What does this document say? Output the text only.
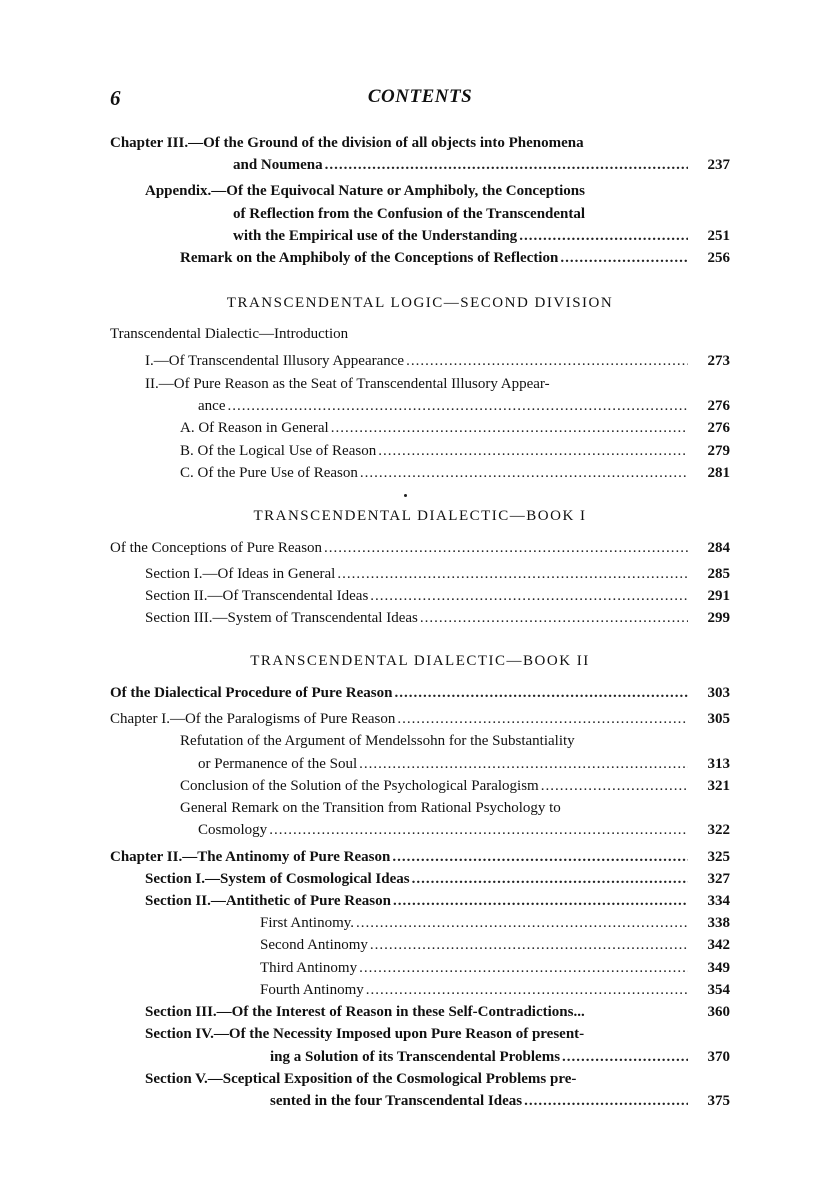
6	CONTENTS
Chapter III.—Of the Ground of the division of all objects into Phenomena
and Noumena .....	237
Appendix.—Of the Equivocal Nature or Amphiboly, the Conceptions
of Reflection from the Confusion of the Transcendental
with the Empirical use of the Understanding .....	251
Remark on the Amphiboly of the Conceptions of Reflection .....	256
TRANSCENDENTAL LOGIC—SECOND DIVISION
Transcendental Dialectic—Introduction
I.—Of Transcendental Illusory Appearance .....	273
II.—Of Pure Reason as the Seat of Transcendental Illusory Appear-
ance .....	276
A. Of Reason in General .....	276
B. Of the Logical Use of Reason .....	279
C. Of the Pure Use of Reason .....	281
TRANSCENDENTAL DIALECTIC—BOOK I
Of the Conceptions of Pure Reason .....	284
Section I.—Of Ideas in General .....	285
Section II.—Of Transcendental Ideas .....	291
Section III.—System of Transcendental Ideas .....	299
TRANSCENDENTAL DIALECTIC—BOOK II
Of the Dialectical Procedure of Pure Reason .....	303
Chapter I.—Of the Paralogisms of Pure Reason .....	305
Refutation of the Argument of Mendelssohn for the Substantiality
or Permanence of the Soul .....	313
Conclusion of the Solution of the Psychological Paralogism .....	321
General Remark on the Transition from Rational Psychology to
Cosmology .....	322
Chapter II.—The Antinomy of Pure Reason .....	325
Section I.—System of Cosmological Ideas .....	327
Section II.—Antithetic of Pure Reason .....	334
First Antinomy. .....	338
Second Antinomy .....	342
Third Antinomy .....	349
Fourth Antinomy .....	354
Section III.—Of the Interest of Reason in these Self-Contradictions...	360
Section IV.—Of the Necessity Imposed upon Pure Reason of present-
ing a Solution of its Transcendental Problems .....	370
Section V.—Sceptical Exposition of the Cosmological Problems pre-
sented in the four Transcendental Ideas .....	375
